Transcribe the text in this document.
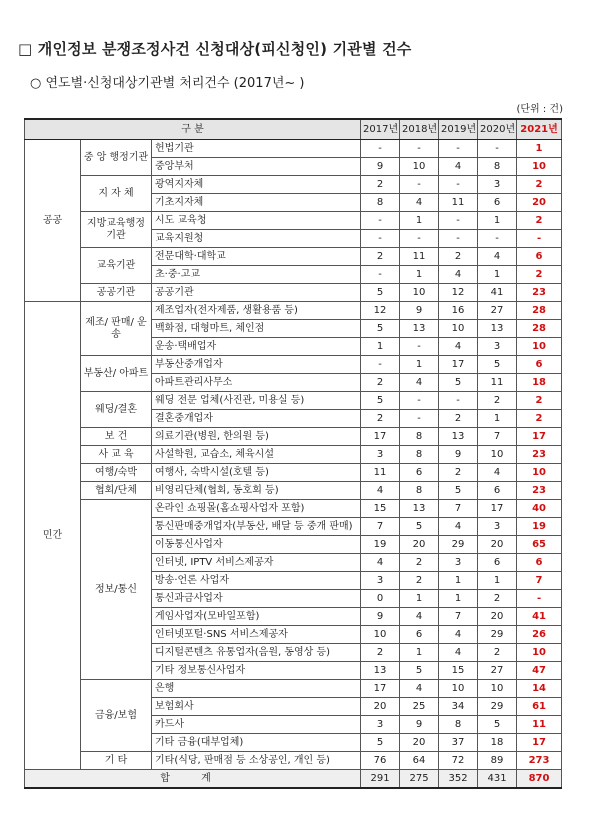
□ 개인정보 분쟁조정사건 신청대상(피신청인) 기관별 건수
○ 연도별·신청대상기관별 처리건수 (2017년~ )
(단위 : 건)
구 분			2017년	2018년	2019년	2020년	2021년
공공	중 앙 행정기관	헌법기관	-	-	-	-	1
		중앙부처	9	10	4	8	10
	지 자 체	광역지자체	2	-	-	3	2
		기초지자체	8	4	11	6	20
	지방교육행정기관	시도 교육청	-	1	-	1	2
		교육지원청	-	-	-	-	-
	교육기관	전문대학·대학교	2	11	2	4	6
		초·중·고교	-	1	4	1	2
	공공기관	공공기관	5	10	12	41	23
민간	제조/ 판매/ 운송	제조업자(전자제품, 생활용품 등)	12	9	16	27	28
		백화점, 대형마트, 체인점	5	13	10	13	28
		운송·택배업자	1	-	4	3	10
	부동산/ 아파트	부동산중개업자	-	1	17	5	6
		아파트관리사무소	2	4	5	11	18
	웨딩/결혼	웨딩 전문 업체(사진관, 미용실 등)	5	-	-	2	2
		결혼중개업자	2	-	2	1	2
	보 건	의료기관(병원, 한의원 등)	17	8	13	7	17
	사 교 육	사설학원, 교습소, 체육시설	3	8	9	10	23
	여행/숙박	여행사, 숙박시설(호텔 등)	11	6	2	4	10
	협회/단체	비영리단체(협회, 동호회 등)	4	8	5	6	23
	정보/통신	온라인 쇼핑몰(홈쇼핑사업자 포함)	15	13	7	17	40
		통신판매중개업자(부동산, 배달 등 중개 판매)	7	5	4	3	19
		이동통신사업자	19	20	29	20	65
		인터넷, IPTV 서비스제공자	4	2	3	6	6
		방송·언론 사업자	3	2	1	1	7
		통신과금사업자	0	1	1	2	-
		게임사업자(모바일포함)	9	4	7	20	41
		인터넷포털·SNS 서비스제공자	10	6	4	29	26
		디지털콘텐츠 유통업자(음원, 동영상 등)	2	1	4	2	10
		기타 정보통신사업자	13	5	15	27	47
	금융/보험	은행	17	4	10	10	14
		보험회사	20	25	34	29	61
		카드사	3	9	8	5	11
		기타 금융(대부업체)	5	20	37	18	17
	기 타	기타(식당, 판매점 등 소상공인, 개인 등)	76	64	72	89	273
합 계			291	275	352	431	870
